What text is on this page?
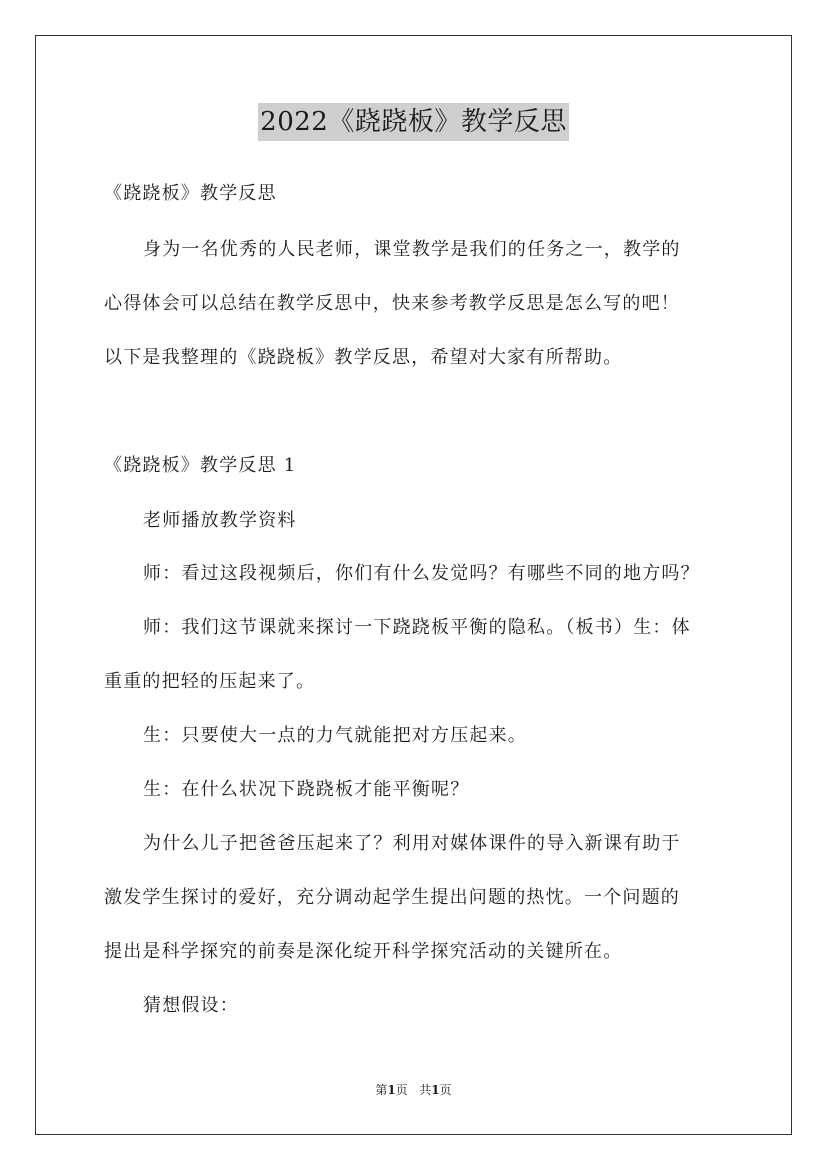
2022《跷跷板》教学反思
《跷跷板》教学反思
身为一名优秀的人民老师，课堂教学是我们的任务之一，教学的
心得体会可以总结在教学反思中，快来参考教学反思是怎么写的吧！
以下是我整理的《跷跷板》教学反思，希望对大家有所帮助。
《跷跷板》教学反思 1
老师播放教学资料
师：看过这段视频后，你们有什么发觉吗？有哪些不同的地方吗？
师：我们这节课就来探讨一下跷跷板平衡的隐私。（板书）生：体
重重的把轻的压起来了。
生：只要使大一点的力气就能把对方压起来。
生：在什么状况下跷跷板才能平衡呢？
为什么儿子把爸爸压起来了？利用对媒体课件的导入新课有助于
激发学生探讨的爱好，充分调动起学生提出问题的热忱。一个问题的
提出是科学探究的前奏是深化绽开科学探究活动的关键所在。
猜想假设：
第1页 共1页
